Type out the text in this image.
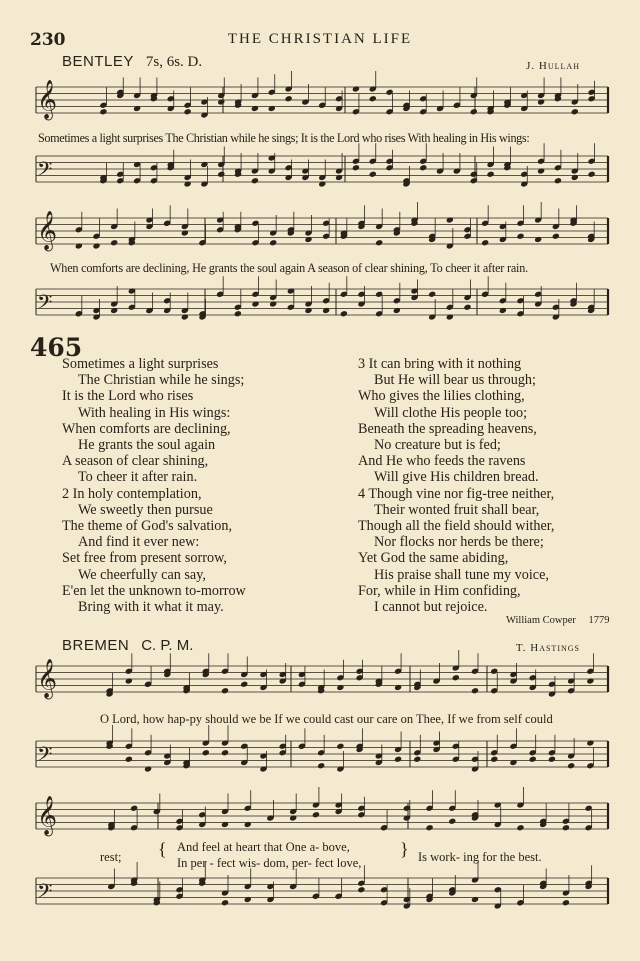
230	THE CHRISTIAN LIFE
BENTLEY 7s, 6s. D.	J. Hullah
𝄞
𝄢
𝄞
𝄢
𝄞
𝄢
𝄞
𝄢
Sometimes a light surprises The Christian while he sings; It is the Lord who rises With healing in His wings:
When comforts are declining, He grants the soul again A season of clear shining, To cheer it after rain.
465
Sometimes a light surprises
The Christian while he sings;
It is the Lord who rises
With healing in His wings:
When comforts are declining,
He grants the soul again
A season of clear shining,
To cheer it after rain.
2 In holy contemplation,
We sweetly then pursue
The theme of God's salvation,
And find it ever new:
Set free from present sorrow,
We cheerfully can say,
E'en let the unknown to-morrow
Bring with it what it may.
3 It can bring with it nothing
But He will bear us through;
Who gives the lilies clothing,
Will clothe His people too;
Beneath the spreading heavens,
No creature but is fed;
And He who feeds the ravens
Will give His children bread.
4 Though vine nor fig-tree neither,
Their wonted fruit shall bear,
Though all the field should wither,
Nor flocks nor herds be there;
Yet God the same abiding,
His praise shall tune my voice,
For, while in Him confiding,
I cannot but rejoice.
William Cowper 1779
BREMEN C. P. M.	T. Hastings
O Lord, how hap-py should we be If we could cast our care on Thee, If we from self could
rest; { And feel at heart that One a- bove,
In per - fect wis- dom, per- fect love,
} Is work- ing for the best.
